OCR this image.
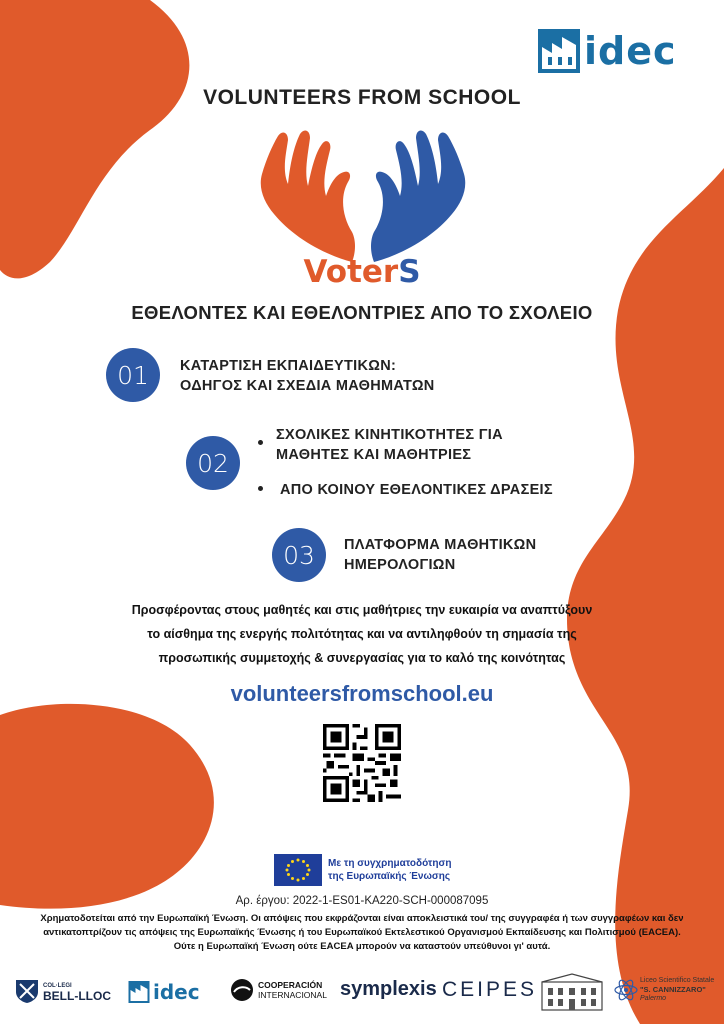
idec
VOLUNTEERS FROM SCHOOL
VoterS
ΕΘΕΛΟΝΤΕΣ ΚΑΙ ΕΘΕΛΟΝΤΡΙΕΣ ΑΠΟ ΤΟ ΣΧΟΛΕΙΟ
01	ΚΑΤΑΡΤΙΣΗ ΕΚΠΑΙΔΕΥΤΙΚΩΝ:
ΟΔΗΓΟΣ ΚΑΙ ΣΧΕΔΙΑ ΜΑΘΗΜΑΤΩΝ
02
ΣΧΟΛΙΚΕΣ ΚΙΝΗΤΙΚΟΤΗΤΕΣ ΓΙΑ
ΜΑΘΗΤΕΣ ΚΑΙ ΜΑΘΗΤΡΙΕΣ
ΑΠΟ ΚΟΙΝΟΥ ΕΘΕΛΟΝΤΙΚΕΣ ΔΡΑΣΕΙΣ
03	ΠΛΑΤΦΟΡΜΑ ΜΑΘΗΤΙΚΩΝ
ΗΜΕΡΟΛΟΓΙΩΝ
Προσφέροντας στους μαθητές και στις μαθήτριες την ευκαιρία να αναπτύξουν
το αίσθημα της ενεργής πολιτότητας και να αντιληφθούν τη σημασία της
προσωπικής συμμετοχής & συνεργασίας για το καλό της κοινότητας
volunteersfromschool.eu
Με τη συγχρηματοδότηση
της Ευρωπαϊκής Ένωσης
Αρ. έργου: 2022-1-ES01-KA220-SCH-000087095
Χρηματοδοτείται από την Ευρωπαϊκή Ένωση. Οι απόψεις που εκφράζονται είναι αποκλειστικά του/ της συγγραφέα ή των συγγραφέων και δεν αντικατοπτρίζουν τις απόψεις της Ευρωπαϊκής Ένωσης ή του Ευρωπαϊκού Εκτελεστικού Οργανισμού Εκπαίδευσης και Πολιτισμού (EACEA). Ούτε η Ευρωπαϊκή Ένωση ούτε EACEA μπορούν να καταστούν υπεύθυνοι γι' αυτά.
COL·LEGI
BELL-LLOC idec	COOPERACIÓN
INTERNACIONAL symplexis CEIPES	Liceo Scientifico Statale
"S. CANNIZZARO"
Palermo
